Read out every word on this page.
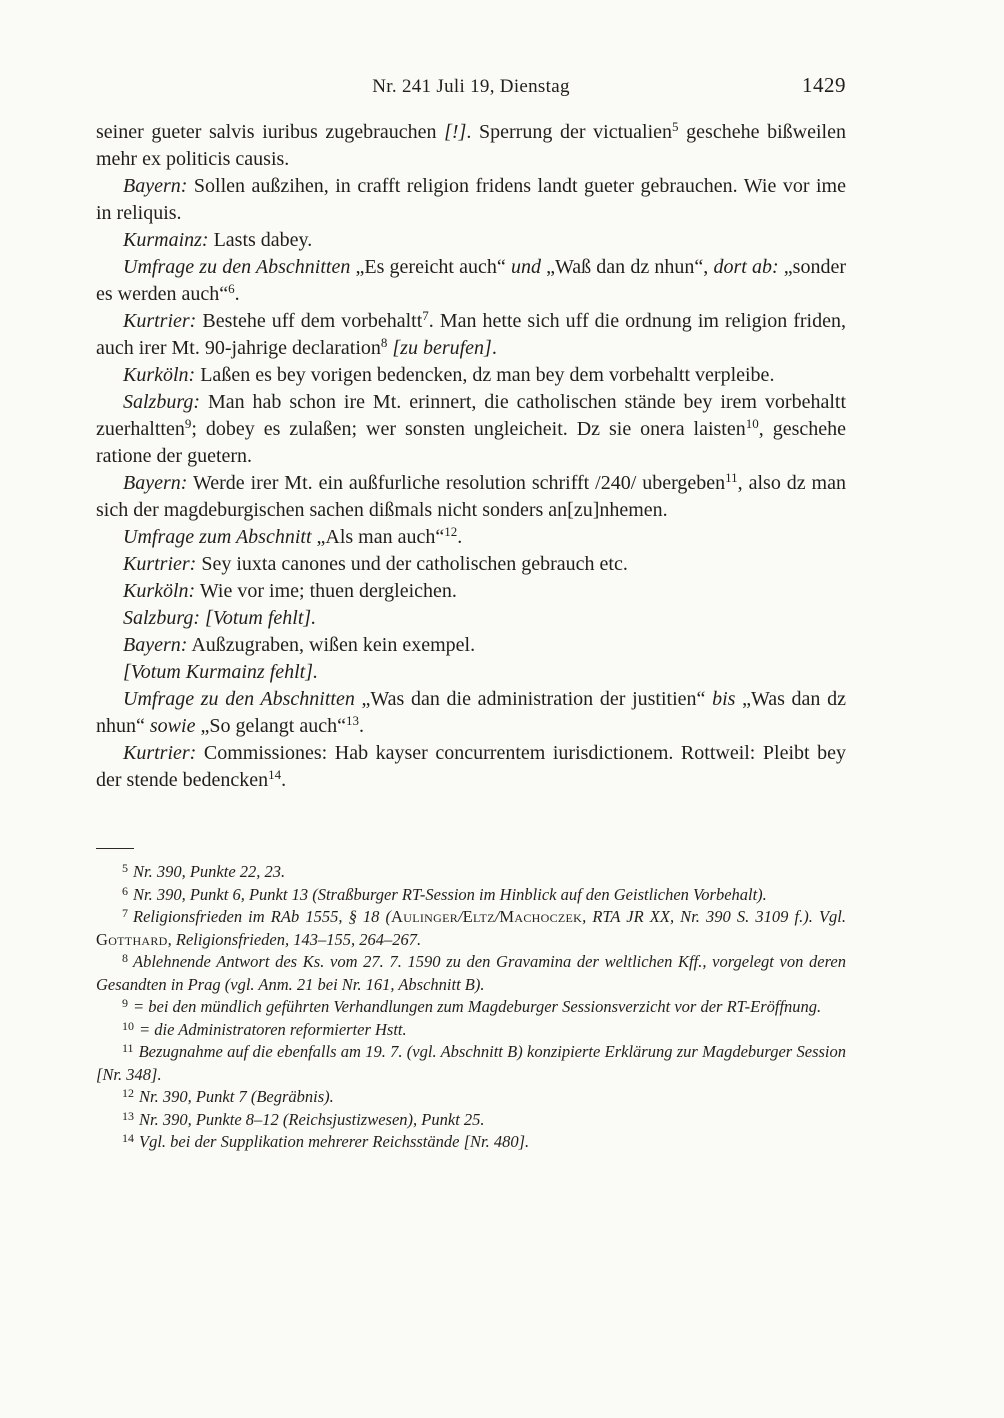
Nr. 241 Juli 19, Dienstag	1429

seiner gueter salvis iuribus zugebrauchen [!]. Sperrung der victualien$^5$ geschehe bißweilen mehr ex politicis causis.

Bayern: Sollen außzihen, in crafft religion fridens landt gueter gebrauchen. Wie vor ime in reliquis.

Kurmainz: Lasts dabey.

Umfrage zu den Abschnitten „Es gereicht auch“ und „Waß dan dz nhun“, dort ab: „sonder es werden auch“$^6$.

Kurtrier: Bestehe uff dem vorbehaltt$^7$. Man hette sich uff die ordnung im religion friden, auch irer Mt. 90-jahrige declaration$^8$ [zu berufen].

Kurköln: Laßen es bey vorigen bedencken, dz man bey dem vorbehaltt verpleibe.

Salzburg: Man hab schon ire Mt. erinnert, die catholischen stände bey irem vorbehaltt zuerhaltten$^9$; dobey es zulaßen; wer sonsten ungleicheit. Dz sie onera laisten$^{10}$, geschehe ratione der guetern.

Bayern: Werde irer Mt. ein außfurliche resolution schrifft /240/ ubergeben$^{11}$, also dz man sich der magdeburgischen sachen dißmals nicht sonders an[zu]nhemen.

Umfrage zum Abschnitt „Als man auch“$^{12}$.

Kurtrier: Sey iuxta canones und der catholischen gebrauch etc.

Kurköln: Wie vor ime; thuen dergleichen.

Salzburg: [Votum fehlt].

Bayern: Außzugraben, wißen kein exempel.

[Votum Kurmainz fehlt].

Umfrage zu den Abschnitten „Was dan die administration der justitien“ bis „Was dan dz nhun“ sowie „So gelangt auch“$^{13}$.

Kurtrier: Commissiones: Hab kayser concurrentem iurisdictionem. Rottweil: Pleibt bey der stende bedencken$^{14}$.

$^5$ Nr. 390, Punkte 22, 23.

$^6$ Nr. 390, Punkt 6, Punkt 13 (Straßburger RT-Session im Hinblick auf den Geistlichen Vorbehalt).

$^7$ Religionsfrieden im RAb 1555, § 18 (Aulinger/Eltz/Machoczek, RTA JR XX, Nr. 390 S. 3109 f.). Vgl. Gotthard, Religionsfrieden, 143–155, 264–267.

$^8$ Ablehnende Antwort des Ks. vom 27. 7. 1590 zu den Gravamina der weltlichen Kff., vorgelegt von deren Gesandten in Prag (vgl. Anm. 21 bei Nr. 161, Abschnitt B).

$^9$ = bei den mündlich geführten Verhandlungen zum Magdeburger Sessionsverzicht vor der RT-Eröffnung.

$^{10}$ = die Administratoren reformierter Hstt.

$^{11}$ Bezugnahme auf die ebenfalls am 19. 7. (vgl. Abschnitt B) konzipierte Erklärung zur Magdeburger Session [Nr. 348].

$^{12}$ Nr. 390, Punkt 7 (Begräbnis).

$^{13}$ Nr. 390, Punkte 8–12 (Reichsjustizwesen), Punkt 25.

$^{14}$ Vgl. bei der Supplikation mehrerer Reichsstände [Nr. 480].
